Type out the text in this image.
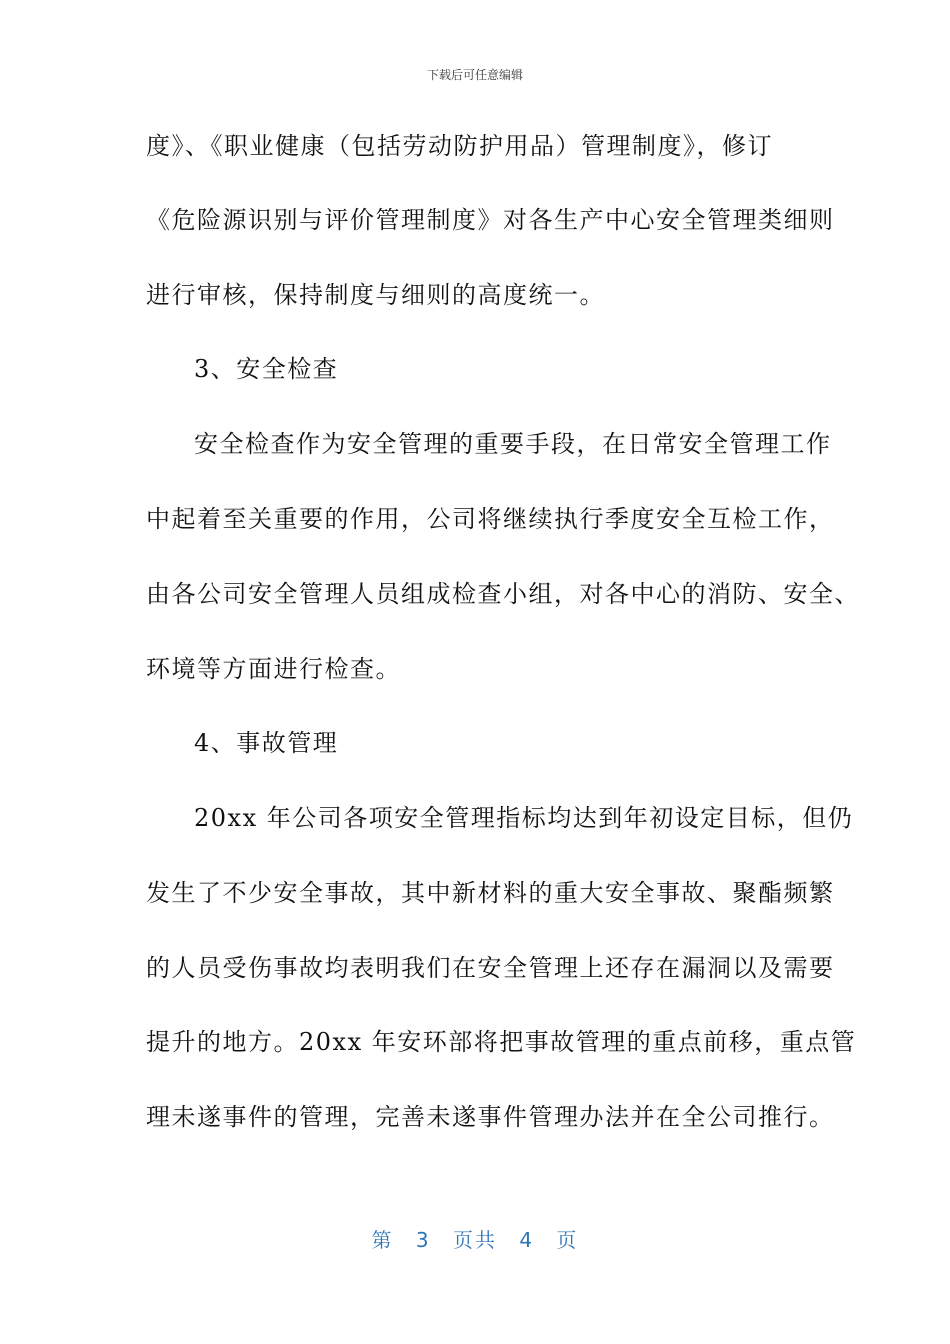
下载后可任意编辑
度》、《职业健康（包括劳动防护用品）管理制度》，修订
《危险源识别与评价管理制度》对各生产中心安全管理类细则
进行审核，保持制度与细则的高度统一。
3、安全检查
安全检查作为安全管理的重要手段，在日常安全管理工作
中起着至关重要的作用，公司将继续执行季度安全互检工作，
由各公司安全管理人员组成检查小组，对各中心的消防、安全、
环境等方面进行检查。
4、事故管理
20xx 年公司各项安全管理指标均达到年初设定目标，但仍
发生了不少安全事故，其中新材料的重大安全事故、聚酯频繁
的人员受伤事故均表明我们在安全管理上还存在漏洞以及需要
提升的地方。20xx 年安环部将把事故管理的重点前移，重点管
理未遂事件的管理，完善未遂事件管理办法并在全公司推行。
第 3 页共 4 页
